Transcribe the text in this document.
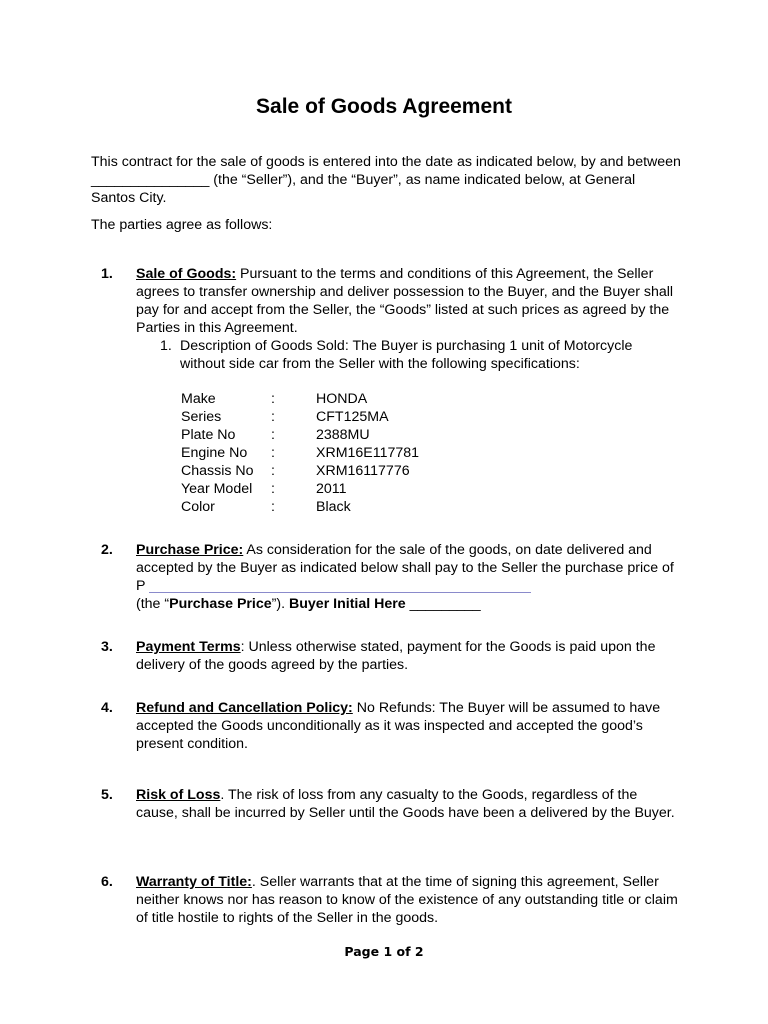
Sale of Goods Agreement
This contract for the sale of goods is entered into the date as indicated below, by and between _______________ (the “Seller”), and the “Buyer”, as name indicated below, at General Santos City.
The parties agree as follows:
1. Sale of Goods: Pursuant to the terms and conditions of this Agreement, the Seller agrees to transfer ownership and deliver possession to the Buyer, and the Buyer shall pay for and accept from the Seller, the “Goods” listed at such prices as agreed by the Parties in this Agreement.
1. Description of Goods Sold: The Buyer is purchasing 1 unit of Motorcycle without side car from the Seller with the following specifications:
Make	:	HONDA
Series	:	CFT125MA
Plate No	:	2388MU
Engine No	:	XRM16E117781
Chassis No	:	XRM16117776
Year Model	:	2011
Color	:	Black
2. Purchase Price: As consideration for the sale of the goods, on date delivered and accepted by the Buyer as indicated below shall pay to the Seller the purchase price of P
(the “Purchase Price”). Buyer Initial Here _________
3. Payment Terms: Unless otherwise stated, payment for the Goods is paid upon the delivery of the goods agreed by the parties.
4. Refund and Cancellation Policy: No Refunds: The Buyer will be assumed to have accepted the Goods unconditionally as it was inspected and accepted the good’s present condition.
5. Risk of Loss. The risk of loss from any casualty to the Goods, regardless of the cause, shall be incurred by Seller until the Goods have been a delivered by the Buyer.
6. Warranty of Title:. Seller warrants that at the time of signing this agreement, Seller neither knows nor has reason to know of the existence of any outstanding title or claim of title hostile to rights of the Seller in the goods.
Page 1 of 2
